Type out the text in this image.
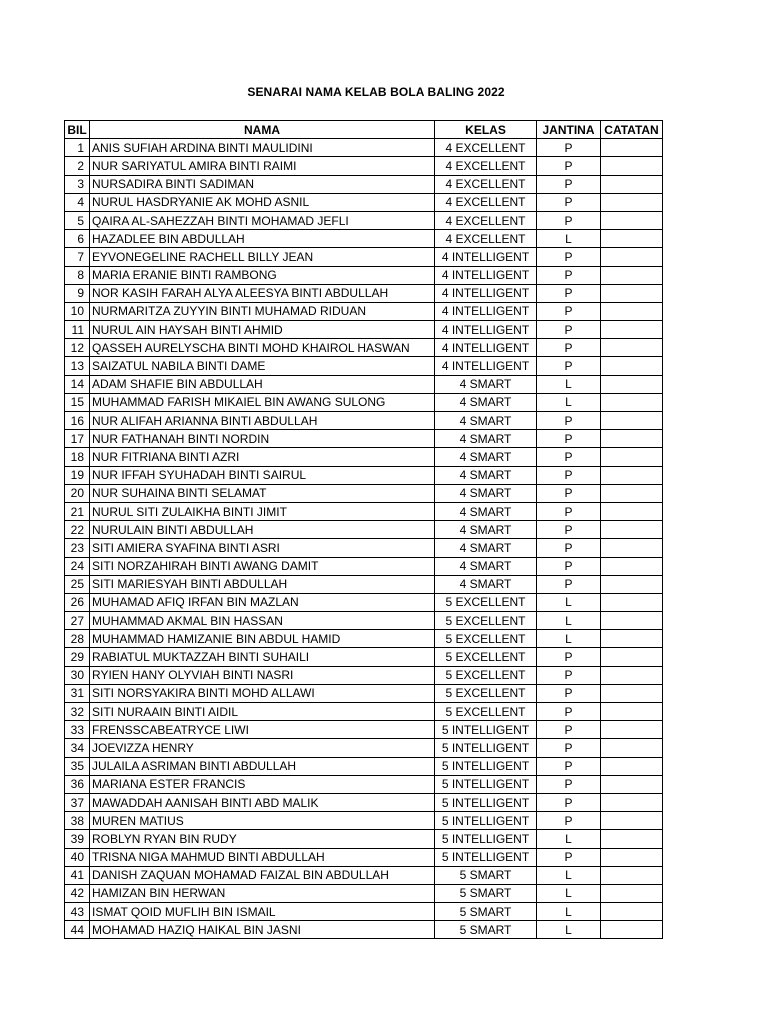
SENARAI NAMA KELAB BOLA BALING 2022
BIL	NAMA	KELAS	JANTINA	CATATAN
1	ANIS SUFIAH ARDINA BINTI MAULIDINI	4 EXCELLENT	P	
2	NUR SARIYATUL AMIRA BINTI RAIMI	4 EXCELLENT	P	
3	NURSADIRA BINTI SADIMAN	4 EXCELLENT	P	
4	NURUL HASDRYANIE AK MOHD ASNIL	4 EXCELLENT	P	
5	QAIRA AL-SAHEZZAH BINTI MOHAMAD JEFLI	4 EXCELLENT	P	
6	HAZADLEE BIN ABDULLAH	4 EXCELLENT	L	
7	EYVONEGELINE RACHELL BILLY JEAN	4 INTELLIGENT	P	
8	MARIA ERANIE BINTI RAMBONG	4 INTELLIGENT	P	
9	NOR KASIH FARAH ALYA ALEESYA BINTI ABDULLAH	4 INTELLIGENT	P	
10	NURMARITZA ZUYYIN BINTI MUHAMAD RIDUAN	4 INTELLIGENT	P	
11	NURUL AIN HAYSAH BINTI AHMID	4 INTELLIGENT	P	
12	QASSEH AURELYSCHA BINTI MOHD KHAIROL HASWAN	4 INTELLIGENT	P	
13	SAIZATUL NABILA BINTI DAME	4 INTELLIGENT	P	
14	ADAM SHAFIE BIN ABDULLAH	4 SMART	L	
15	MUHAMMAD FARISH MIKAIEL BIN AWANG SULONG	4 SMART	L	
16	NUR ALIFAH ARIANNA BINTI ABDULLAH	4 SMART	P	
17	NUR FATHANAH BINTI NORDIN	4 SMART	P	
18	NUR FITRIANA BINTI AZRI	4 SMART	P	
19	NUR IFFAH SYUHADAH BINTI SAIRUL	4 SMART	P	
20	NUR SUHAINA BINTI SELAMAT	4 SMART	P	
21	NURUL SITI ZULAIKHA BINTI JIMIT	4 SMART	P	
22	NURULAIN BINTI ABDULLAH	4 SMART	P	
23	SITI AMIERA SYAFINA BINTI ASRI	4 SMART	P	
24	SITI NORZAHIRAH BINTI AWANG DAMIT	4 SMART	P	
25	SITI MARIESYAH BINTI ABDULLAH	4 SMART	P	
26	MUHAMAD AFIQ IRFAN BIN MAZLAN	5 EXCELLENT	L	
27	MUHAMMAD AKMAL BIN HASSAN	5 EXCELLENT	L	
28	MUHAMMAD HAMIZANIE BIN ABDUL HAMID	5 EXCELLENT	L	
29	RABIATUL MUKTAZZAH BINTI SUHAILI	5 EXCELLENT	P	
30	RYIEN HANY OLYVIAH BINTI NASRI	5 EXCELLENT	P	
31	SITI NORSYAKIRA BINTI MOHD ALLAWI	5 EXCELLENT	P	
32	SITI NURAAIN BINTI AIDIL	5 EXCELLENT	P	
33	FRENSSCABEATRYCE LIWI	5 INTELLIGENT	P	
34	JOEVIZZA HENRY	5 INTELLIGENT	P	
35	JULAILA ASRIMAN BINTI ABDULLAH	5 INTELLIGENT	P	
36	MARIANA ESTER FRANCIS	5 INTELLIGENT	P	
37	MAWADDAH AANISAH BINTI ABD MALIK	5 INTELLIGENT	P	
38	MUREN MATIUS	5 INTELLIGENT	P	
39	ROBLYN RYAN BIN RUDY	5 INTELLIGENT	L	
40	TRISNA NIGA MAHMUD BINTI ABDULLAH	5 INTELLIGENT	P	
41	DANISH ZAQUAN MOHAMAD FAIZAL BIN ABDULLAH	5 SMART	L	
42	HAMIZAN BIN HERWAN	5 SMART	L	
43	ISMAT QOID MUFLIH BIN ISMAIL	5 SMART	L	
44	MOHAMAD HAZIQ HAIKAL BIN JASNI	5 SMART	L	
